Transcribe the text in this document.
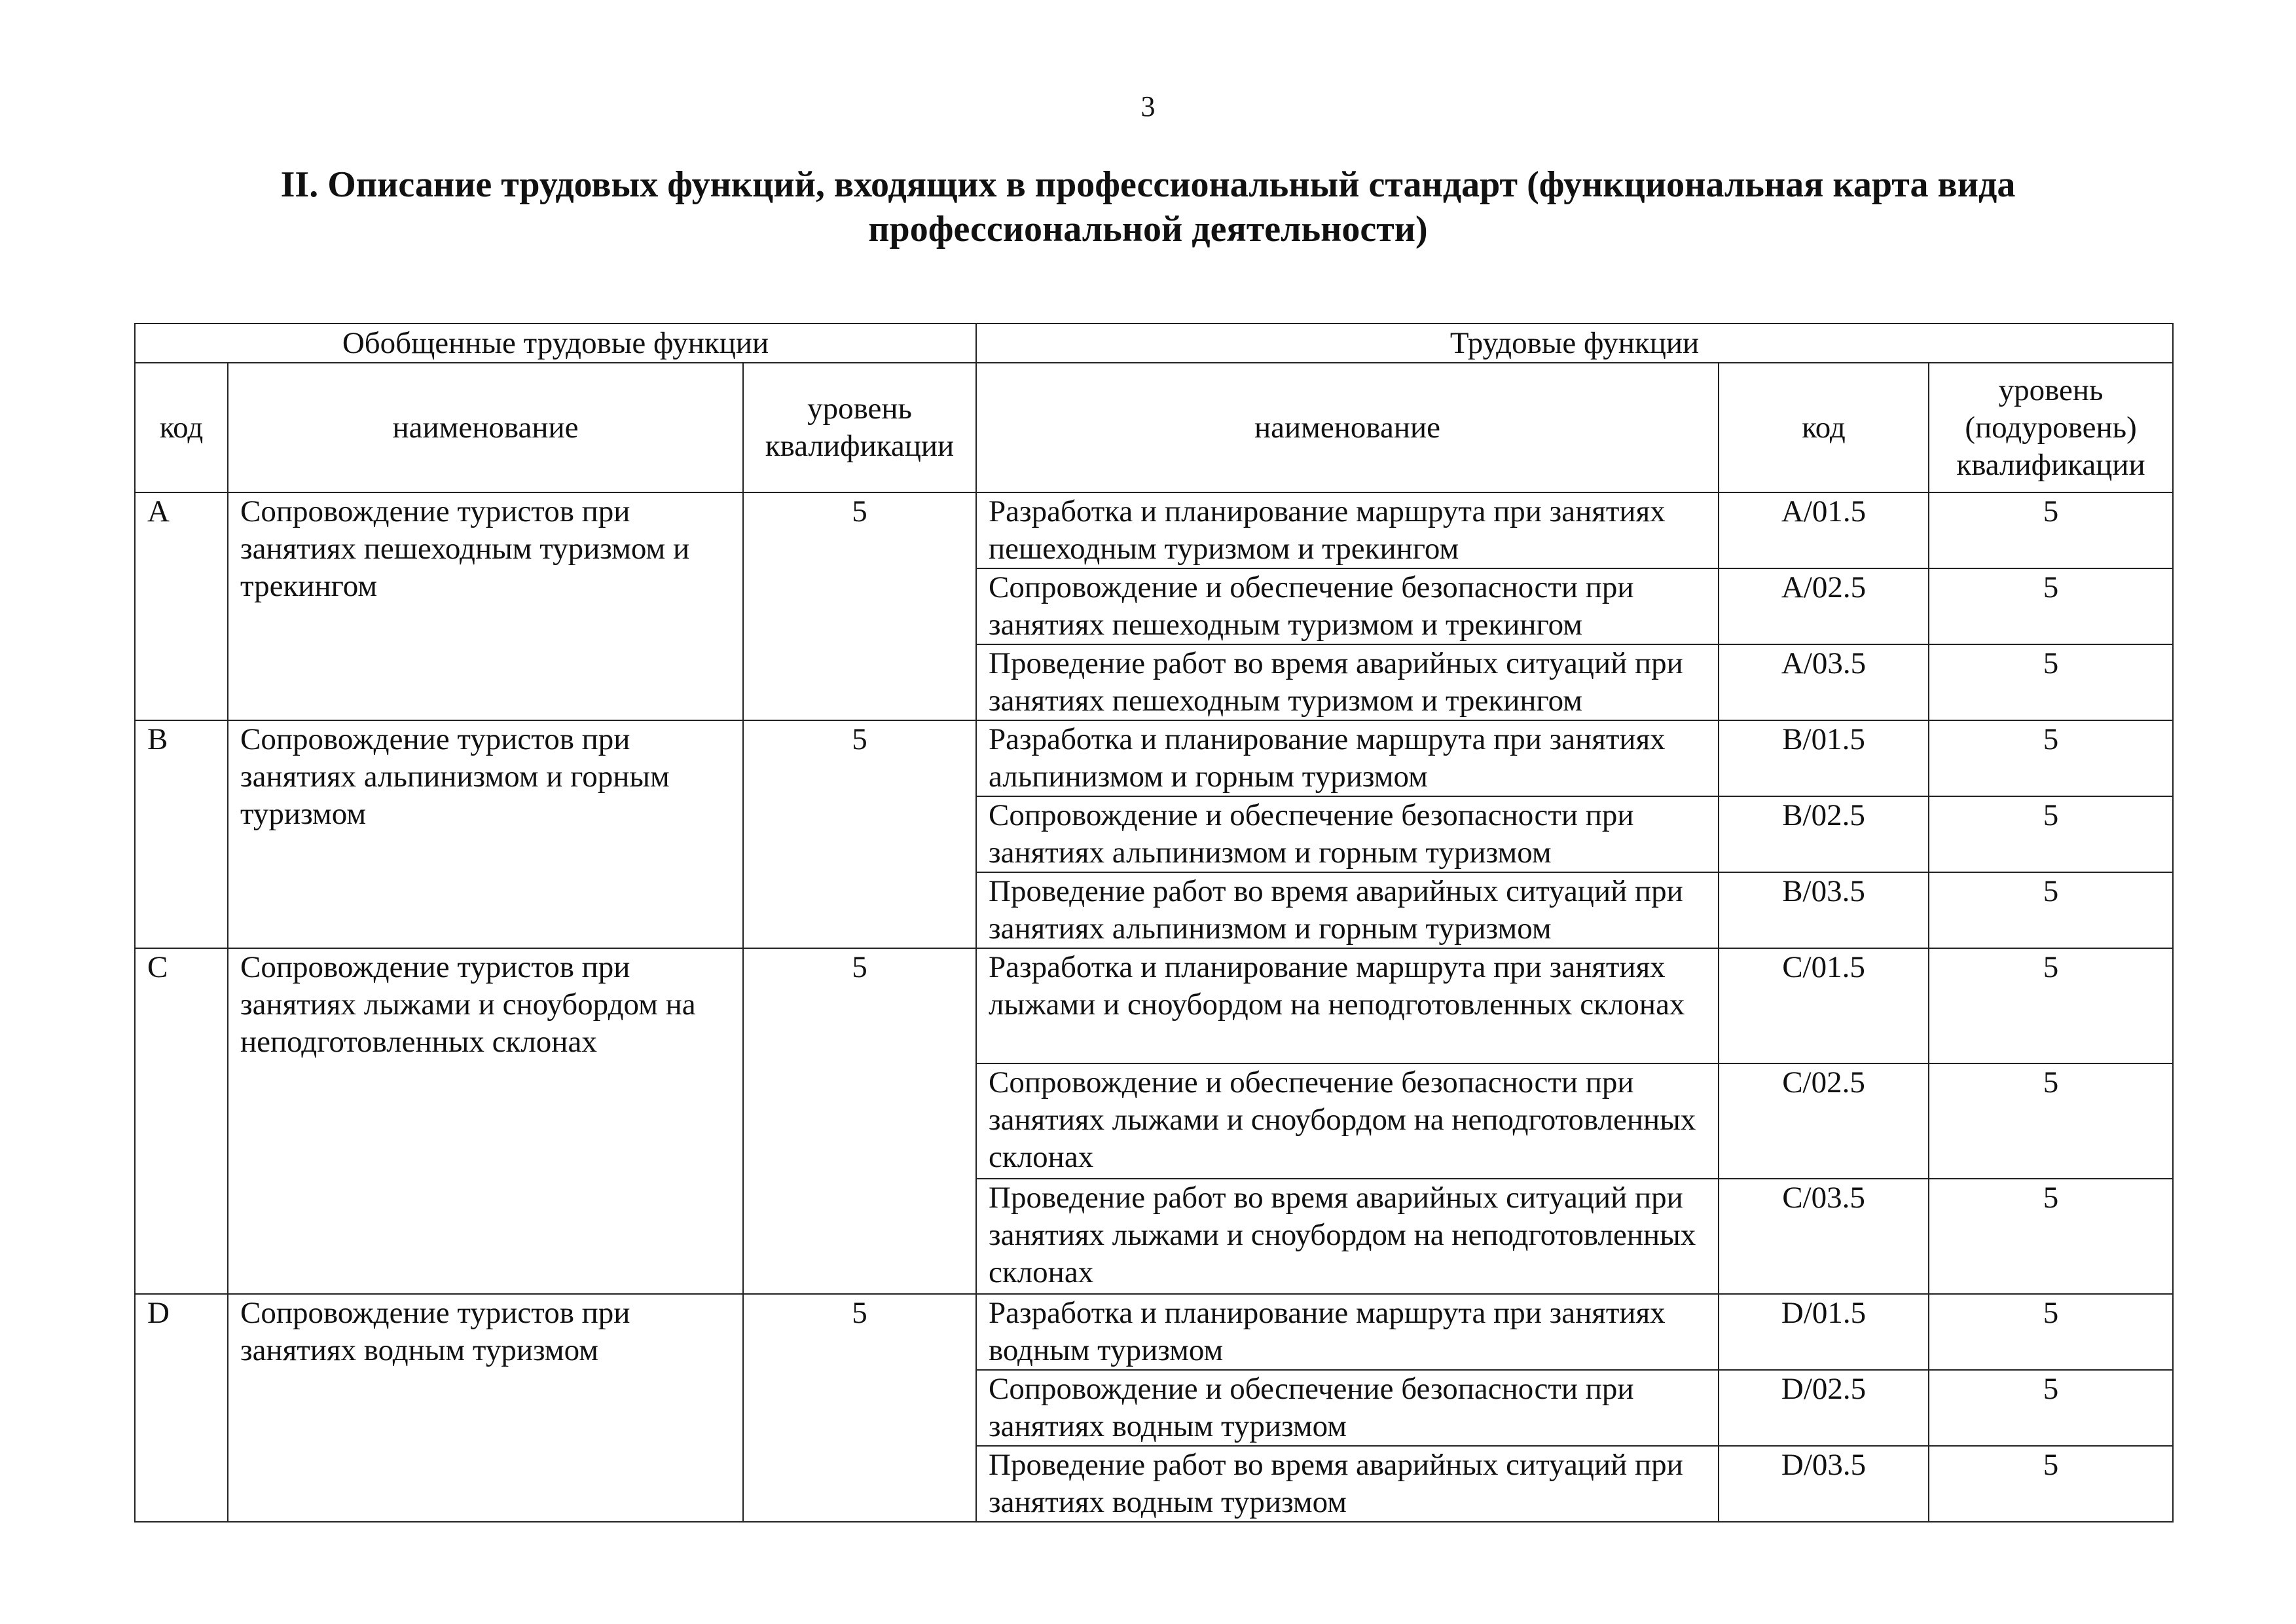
3
II. Описание трудовых функций, входящих в профессиональный стандарт (функциональная карта вида профессиональной деятельности)
Обобщенные трудовые функции			Трудовые функции		
код	наименование	уровень квалификации	наименование	код	уровень (подуровень) квалификации
A	Сопровождение туристов при занятиях пешеходным туризмом и трекингом	5	Разработка и планирование маршрута при занятиях пешеходным туризмом и трекингом	A/01.5	5
			Сопровождение и обеспечение безопасности при занятиях пешеходным туризмом и трекингом	A/02.5	5
			Проведение работ во время аварийных ситуаций при занятиях пешеходным туризмом и трекингом	A/03.5	5
B	Сопровождение туристов при занятиях альпинизмом и горным туризмом	5	Разработка и планирование маршрута при занятиях альпинизмом и горным туризмом	B/01.5	5
			Сопровождение и обеспечение безопасности при занятиях альпинизмом и горным туризмом	B/02.5	5
			Проведение работ во время аварийных ситуаций при занятиях альпинизмом и горным туризмом	B/03.5	5
C	Сопровождение туристов при занятиях лыжами и сноубордом на неподготовленных склонах	5	Разработка и планирование маршрута при занятиях лыжами и сноубордом на неподготовленных склонах	C/01.5	5
			Сопровождение и обеспечение безопасности при занятиях лыжами и сноубордом на неподготовленных склонах	C/02.5	5
			Проведение работ во время аварийных ситуаций при занятиях лыжами и сноубордом на неподготовленных склонах	C/03.5	5
D	Сопровождение туристов при занятиях водным туризмом	5	Разработка и планирование маршрута при занятиях водным туризмом	D/01.5	5
			Сопровождение и обеспечение безопасности при занятиях водным туризмом	D/02.5	5
			Проведение работ во время аварийных ситуаций при занятиях водным туризмом	D/03.5	5
